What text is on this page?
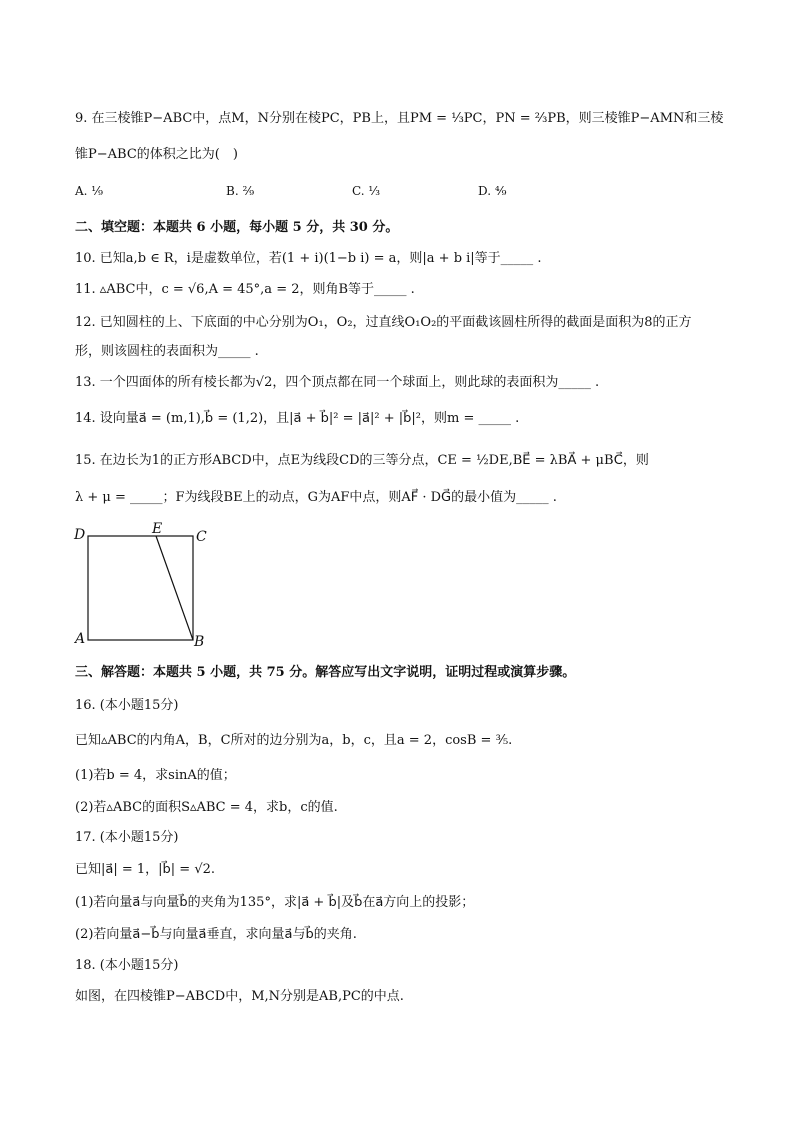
9. 在三棱锥P−ABC中，点M，N分别在棱PC，PB上，且PM = ¹⁄₃PC，PN = ²⁄₃PB，则三棱锥P−AMN和三棱
锥P−ABC的体积之比为(　)
A. ¹⁄₉	B. ²⁄₉	C. ¹⁄₃	D. ⁴⁄₉
二、填空题：本题共 6 小题，每小题 5 分，共 30 分。
10. 已知a,b ∈ R，i是虚数单位，若(1 + i)(1−b i) = a，则|a + b i|等于_____ .
11. ▵ABC中，c = √6,A = 45°,a = 2，则角B等于_____ .
12. 已知圆柱的上、下底面的中心分别为O₁，O₂，过直线O₁O₂的平面截该圆柱所得的截面是面积为8的正方
形，则该圆柱的表面积为_____ .
13. 一个四面体的所有棱长都为√2，四个顶点都在同一个球面上，则此球的表面积为_____ .
14. 设向量a⃗ = (m,1),b⃗ = (1,2)，且|a⃗ + b⃗|² = |a⃗|² + |b⃗|²，则m = _____ .
15. 在边长为1的正方形ABCD中，点E为线段CD的三等分点，CE = ½DE,BE⃗ = λBA⃗ + μBC⃗，则
λ + μ = _____；F为线段BE上的动点，G为AF中点，则AF⃗ · DG⃗的最小值为_____ .
D	E C
A	B
三、解答题：本题共 5 小题，共 75 分。解答应写出文字说明，证明过程或演算步骤。
16. (本小题15分)
已知▵ABC的内角A，B，C所对的边分别为a，b，c，且a = 2，cosB = ³⁄₅.
(1)若b = 4，求sinA的值；
(2)若▵ABC的面积S▵ABC = 4，求b，c的值.
17. (本小题15分)
已知|a⃗| = 1，|b⃗| = √2.
(1)若向量a⃗与向量b⃗的夹角为135°，求|a⃗ + b⃗|及b⃗在a⃗方向上的投影；
(2)若向量a⃗−b⃗与向量a⃗垂直，求向量a⃗与b⃗的夹角.
18. (本小题15分)
如图，在四棱锥P−ABCD中，M,N分别是AB,PC的中点.
